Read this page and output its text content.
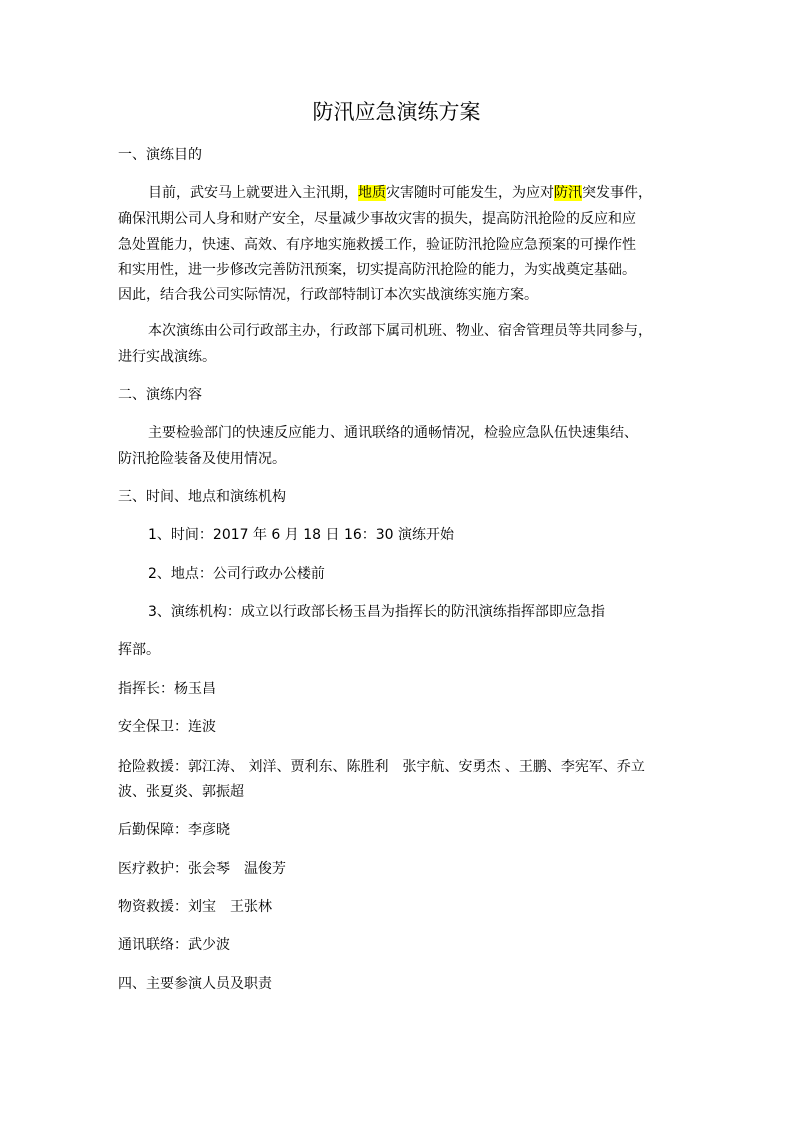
防汛应急演练方案
一、演练目的
目前，武安马上就要进入主汛期，地质灾害随时可能发生，为应对防汛突发事件，
确保汛期公司人身和财产安全，尽量减少事故灾害的损失，提高防汛抢险的反应和应
急处置能力，快速、高效、有序地实施救援工作，验证防汛抢险应急预案的可操作性
和实用性，进一步修改完善防汛预案，切实提高防汛抢险的能力，为实战奠定基础。
因此，结合我公司实际情况，行政部特制订本次实战演练实施方案。
本次演练由公司行政部主办，行政部下属司机班、物业、宿舍管理员等共同参与，
进行实战演练。
二、演练内容
主要检验部门的快速反应能力、通讯联络的通畅情况，检验应急队伍快速集结、
防汛抢险装备及使用情况。
三、时间、地点和演练机构
1、时间：2017 年 6 月 18 日 16：30 演练开始
2、地点：公司行政办公楼前
3、演练机构：成立以行政部长杨玉昌为指挥长的防汛演练指挥部即应急指
挥部。
指挥长：杨玉昌
安全保卫：连波
抢险救援：郭江涛、 刘洋、贾利东、陈胜利　张宇航、安勇杰 、王鹏、李宪军、乔立
波、张夏炎、郭振超
后勤保障：李彦晓
医疗救护：张会琴　温俊芳
物资救援：刘宝　王张林
通讯联络：武少波
四、主要参演人员及职责
